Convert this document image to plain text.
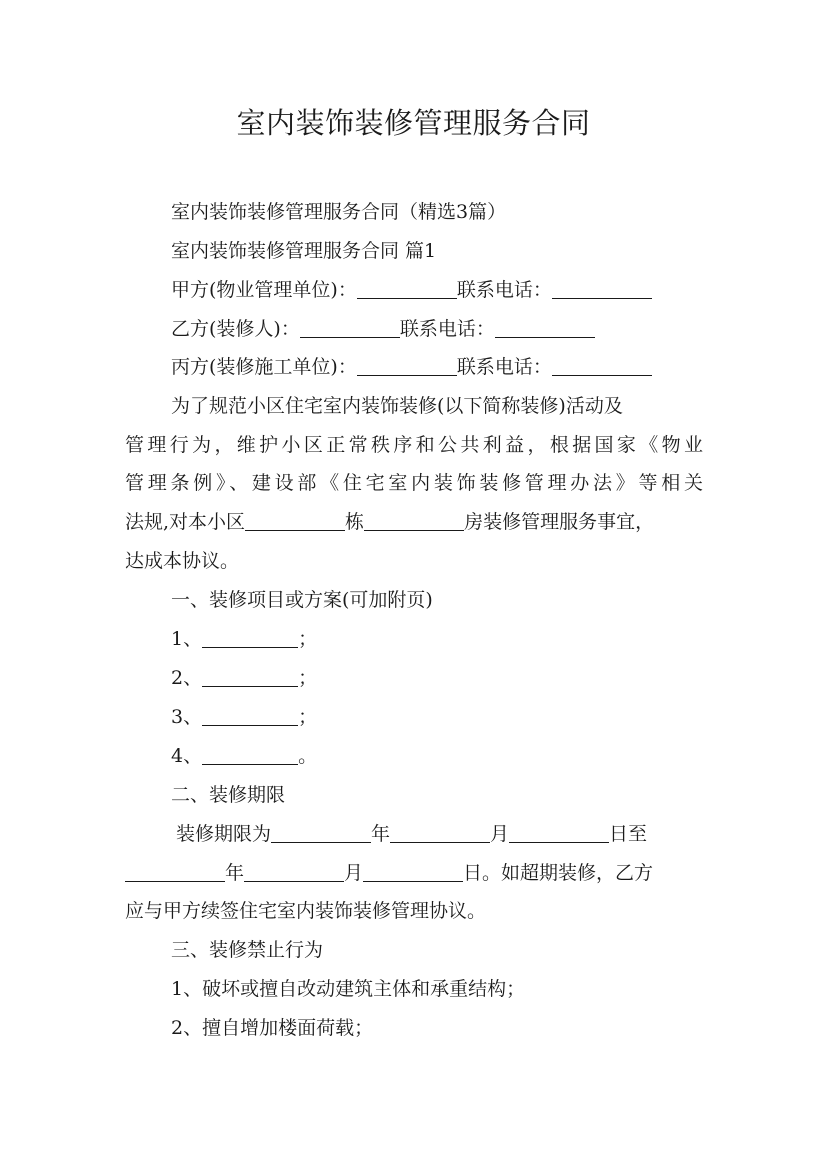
室内装饰装修管理服务合同
室内装饰装修管理服务合同（精选3篇）
室内装饰装修管理服务合同 篇1
甲方(物业管理单位)：	联系电话：
乙方(装修人)：	联系电话：
丙方(装修施工单位)：	联系电话：
为了规范小区住宅室内装饰装修(以下简称装修)活动及
管理行为，维护小区正常秩序和公共利益，根据国家《物业
管理条例》、建设部《住宅室内装饰装修管理办法》等相关
法规,对本小区	栋	房装修管理服务事宜，
达成本协议。
一、装修项目或方案(可加附页)
1、	；
2、	；
3、	；
4、	。
二、装修期限
装修期限为	年	月	日至
年	月	日。如超期装修，乙方
应与甲方续签住宅室内装饰装修管理协议。
三、装修禁止行为
1、破坏或擅自改动建筑主体和承重结构；
2、擅自增加楼面荷载；
